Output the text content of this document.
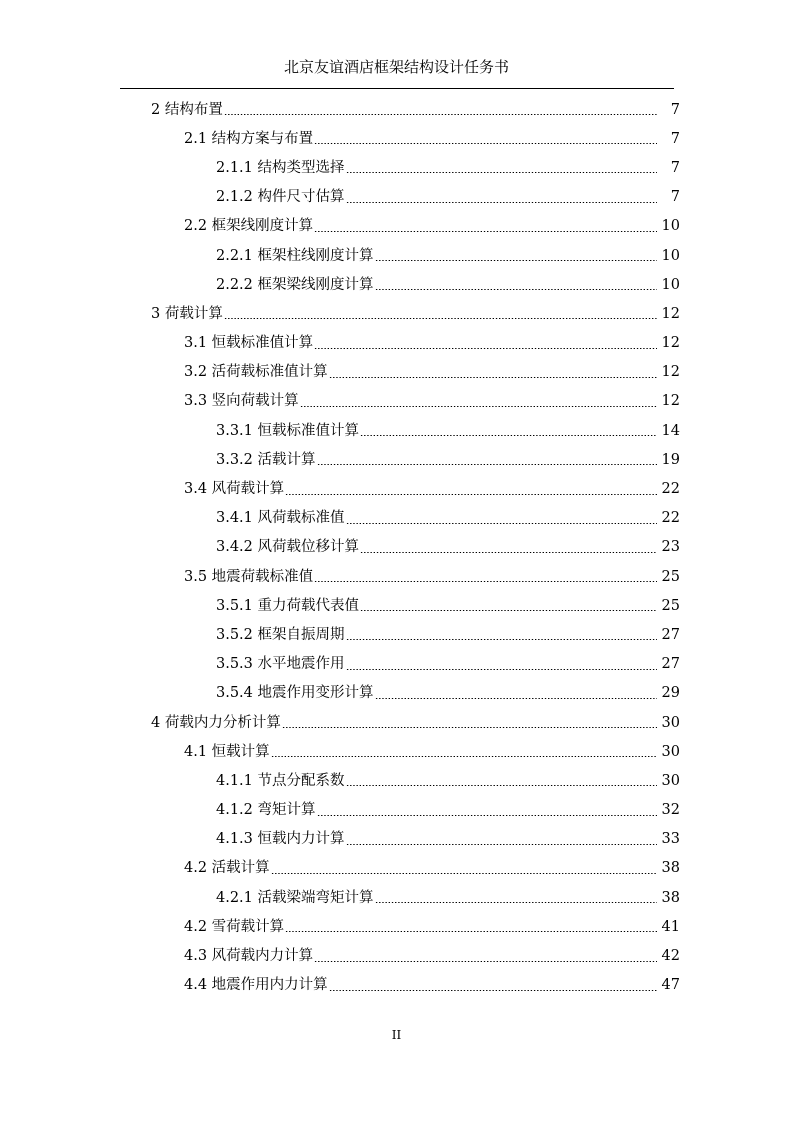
北京友谊酒店框架结构设计任务书
2 结构布置	7
2.1 结构方案与布置	7
2.1.1 结构类型选择	7
2.1.2 构件尺寸估算	7
2.2 框架线刚度计算	10
2.2.1 框架柱线刚度计算	10
2.2.2 框架梁线刚度计算	10
3 荷载计算	12
3.1 恒载标准值计算	12
3.2 活荷载标准值计算	12
3.3 竖向荷载计算	12
3.3.1 恒载标准值计算	14
3.3.2 活载计算	19
3.4 风荷载计算	22
3.4.1 风荷载标准值	22
3.4.2 风荷载位移计算	23
3.5 地震荷载标准值	25
3.5.1 重力荷载代表值	25
3.5.2 框架自振周期	27
3.5.3 水平地震作用	27
3.5.4 地震作用变形计算	29
4 荷载内力分析计算	30
4.1 恒载计算	30
4.1.1 节点分配系数	30
4.1.2 弯矩计算	32
4.1.3 恒载内力计算	33
4.2 活载计算	38
4.2.1 活载梁端弯矩计算	38
4.2 雪荷载计算	41
4.3 风荷载内力计算	42
4.4 地震作用内力计算	47
II
